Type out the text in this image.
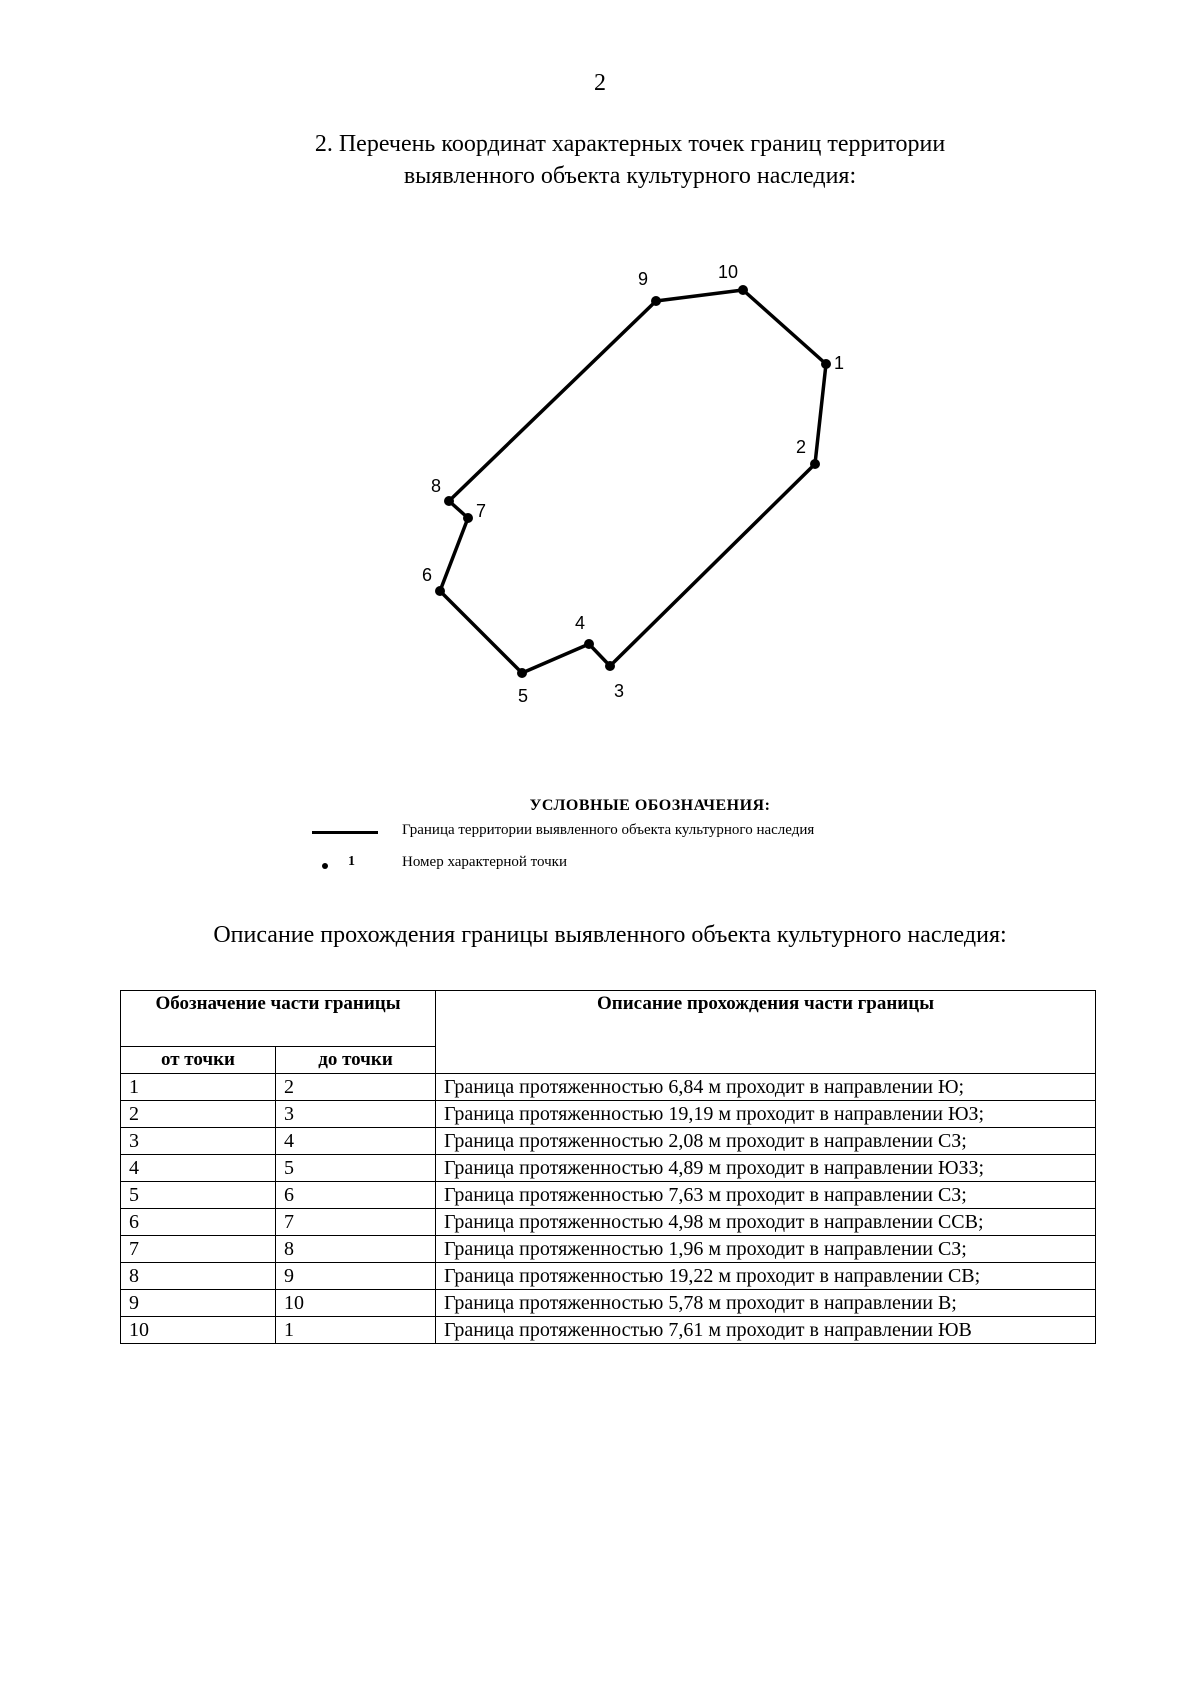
2
2. Перечень координат характерных точек границ территории
выявленного объекта культурного наследия:
1
2
3
4
5
6
7
8
9	10
УСЛОВНЫЕ ОБОЗНАЧЕНИЯ:
Граница территории выявленного объекта культурного наследия
1	Номер характерной точки
Описание прохождения границы выявленного объекта культурного наследия:
Обозначение части границы		Описание прохождения части границы
от точки	до точки	
1	2	Граница протяженностью 6,84 м проходит в направлении Ю;
2	3	Граница протяженностью 19,19 м проходит в направлении ЮЗ;
3	4	Граница протяженностью 2,08 м проходит в направлении СЗ;
4	5	Граница протяженностью 4,89 м проходит в направлении ЮЗЗ;
5	6	Граница протяженностью 7,63 м проходит в направлении СЗ;
6	7	Граница протяженностью 4,98 м проходит в направлении ССВ;
7	8	Граница протяженностью 1,96 м проходит в направлении СЗ;
8	9	Граница протяженностью 19,22 м проходит в направлении СВ;
9	10	Граница протяженностью 5,78 м проходит в направлении В;
10	1	Граница протяженностью 7,61 м проходит в направлении ЮВ
